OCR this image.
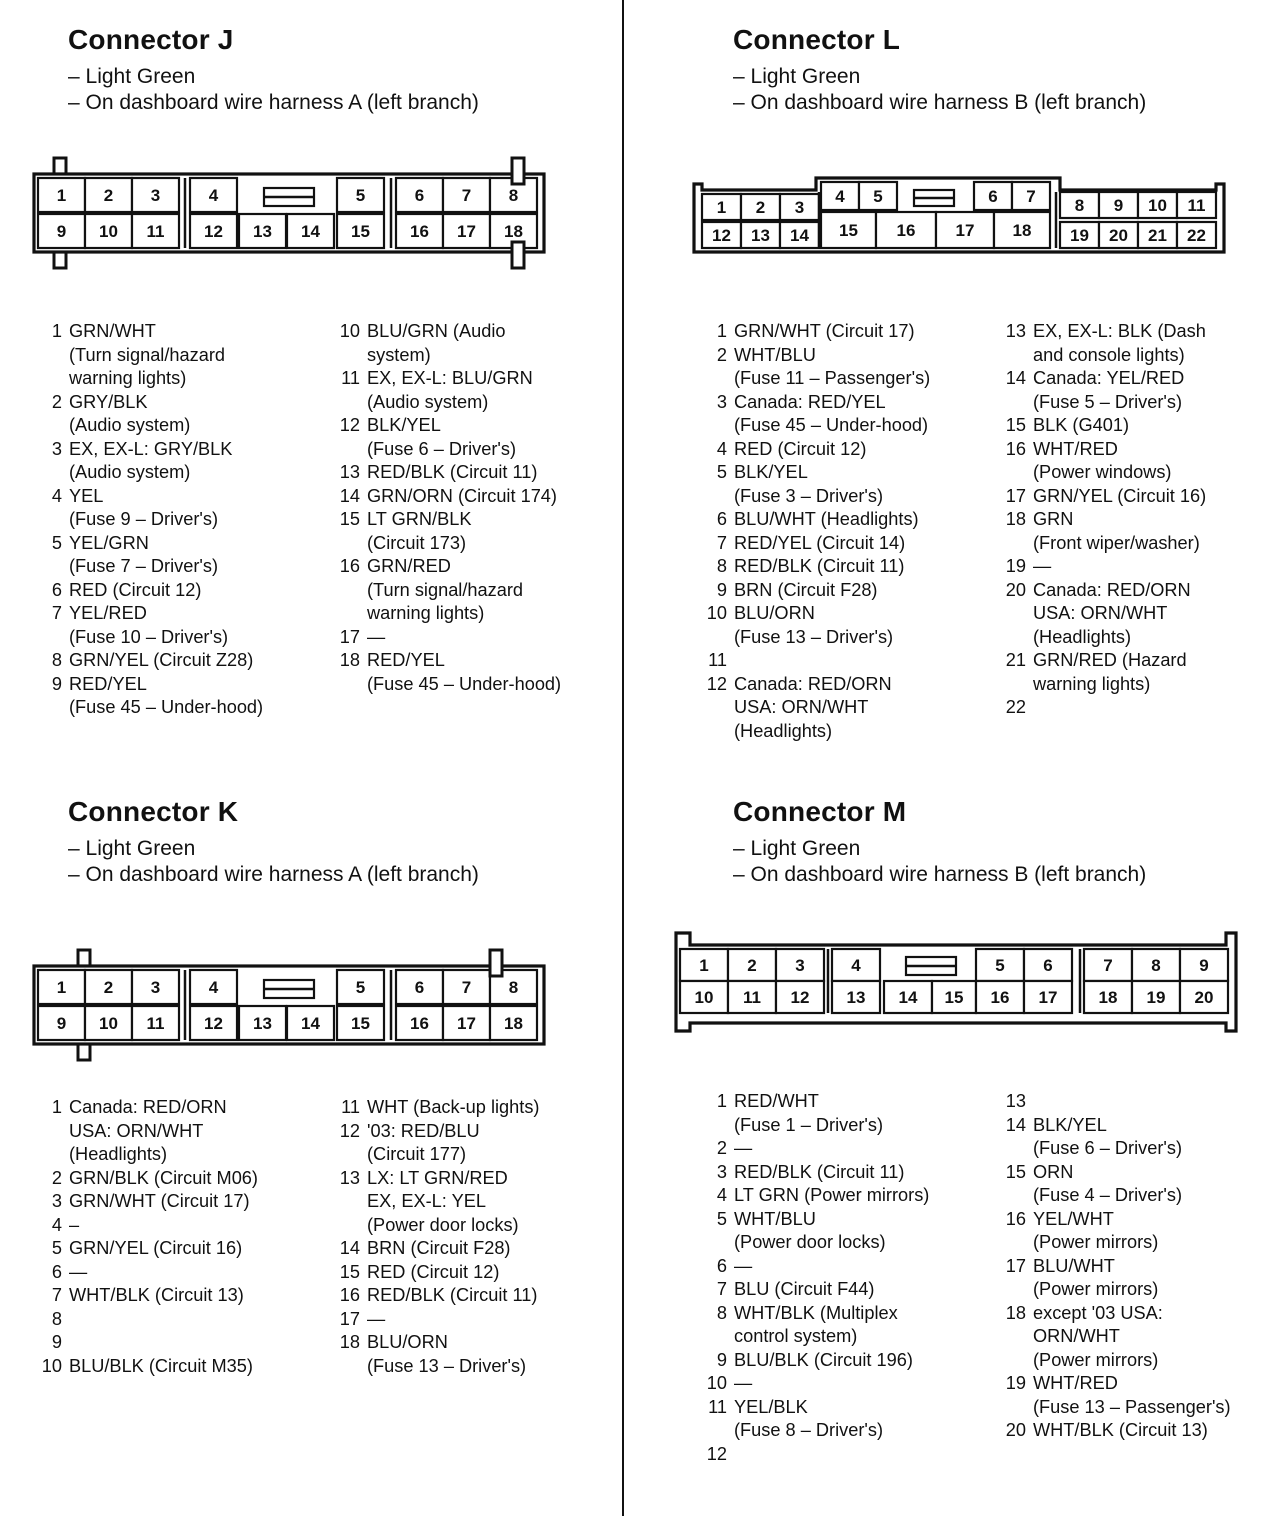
Connector J
– Light Green
– On dashboard wire harness A (left branch)
1 2 3	4	5	6 7 8
9 10 11 12 13 14 15 16 17 18
1 GRN/WHT
(Turn signal/hazard
warning lights)
2 GRY/BLK
(Audio system)
3 EX, EX-L: GRY/BLK
(Audio system)
4 YEL
(Fuse 9 – Driver's)
5 YEL/GRN
(Fuse 7 – Driver's)
6 RED (Circuit 12)
7 YEL/RED
(Fuse 10 – Driver's)
8 GRN/YEL (Circuit Z28)
9 RED/YEL
(Fuse 45 – Under-hood)
10 BLU/GRN (Audio
system)
11 EX, EX-L: BLU/GRN
(Audio system)
12 BLK/YEL
(Fuse 6 – Driver's)
13 RED/BLK (Circuit 11)
14 GRN/ORN (Circuit 174)
15 LT GRN/BLK
(Circuit 173)
16 GRN/RED
(Turn signal/hazard
warning lights)
17 —
18 RED/YEL
(Fuse 45 – Under-hood)
Connector L
– Light Green
– On dashboard wire harness B (left branch)
1 2 3
12 13 14
4 5	6 7
15 16 17 18
8 9 10 11
19 20 21 22
1 GRN/WHT (Circuit 17)
2 WHT/BLU
(Fuse 11 – Passenger's)
3 Canada: RED/YEL
(Fuse 45 – Under-hood)
4 RED (Circuit 12)
5 BLK/YEL
(Fuse 3 – Driver's)
6 BLU/WHT (Headlights)
7 RED/YEL (Circuit 14)
8 RED/BLK (Circuit 11)
9 BRN (Circuit F28)
10 BLU/ORN
(Fuse 13 – Driver's)
11
12 Canada: RED/ORN
USA: ORN/WHT
(Headlights)
13 EX, EX-L: BLK (Dash
and console lights)
14 Canada: YEL/RED
(Fuse 5 – Driver's)
15 BLK (G401)
16 WHT/RED
(Power windows)
17 GRN/YEL (Circuit 16)
18 GRN
(Front wiper/washer)
19 —
20 Canada: RED/ORN
USA: ORN/WHT
(Headlights)
21 GRN/RED (Hazard
warning lights)
22
Connector K
– Light Green
– On dashboard wire harness A (left branch)
1 2 3	4	5	6 7 8
9 10 11 12 13 14 15 16 17 18
1 Canada: RED/ORN
USA: ORN/WHT
(Headlights)
2 GRN/BLK (Circuit M06)
3 GRN/WHT (Circuit 17)
4 –
5 GRN/YEL (Circuit 16)
6 —
7 WHT/BLK (Circuit 13)
8
9
10 BLU/BLK (Circuit M35)
11 WHT (Back-up lights)
12 '03: RED/BLU
(Circuit 177)
13 LX: LT GRN/RED
EX, EX-L: YEL
(Power door locks)
14 BRN (Circuit F28)
15 RED (Circuit 12)
16 RED/BLK (Circuit 11)
17 —
18 BLU/ORN
(Fuse 13 – Driver's)
Connector M
– Light Green
– On dashboard wire harness B (left branch)
1 2 3	4	5 6	7 8 9
10 11 12 13 14 15 16 17 18 19 20
1 RED/WHT
(Fuse 1 – Driver's)
2 —
3 RED/BLK (Circuit 11)
4 LT GRN (Power mirrors)
5 WHT/BLU
(Power door locks)
6 —
7 BLU (Circuit F44)
8 WHT/BLK (Multiplex
control system)
9 BLU/BLK (Circuit 196)
10 —
11 YEL/BLK
(Fuse 8 – Driver's)
12
13
14 BLK/YEL
(Fuse 6 – Driver's)
15 ORN
(Fuse 4 – Driver's)
16 YEL/WHT
(Power mirrors)
17 BLU/WHT
(Power mirrors)
18 except '03 USA:
ORN/WHT
(Power mirrors)
19 WHT/RED
(Fuse 13 – Passenger's)
20 WHT/BLK (Circuit 13)
